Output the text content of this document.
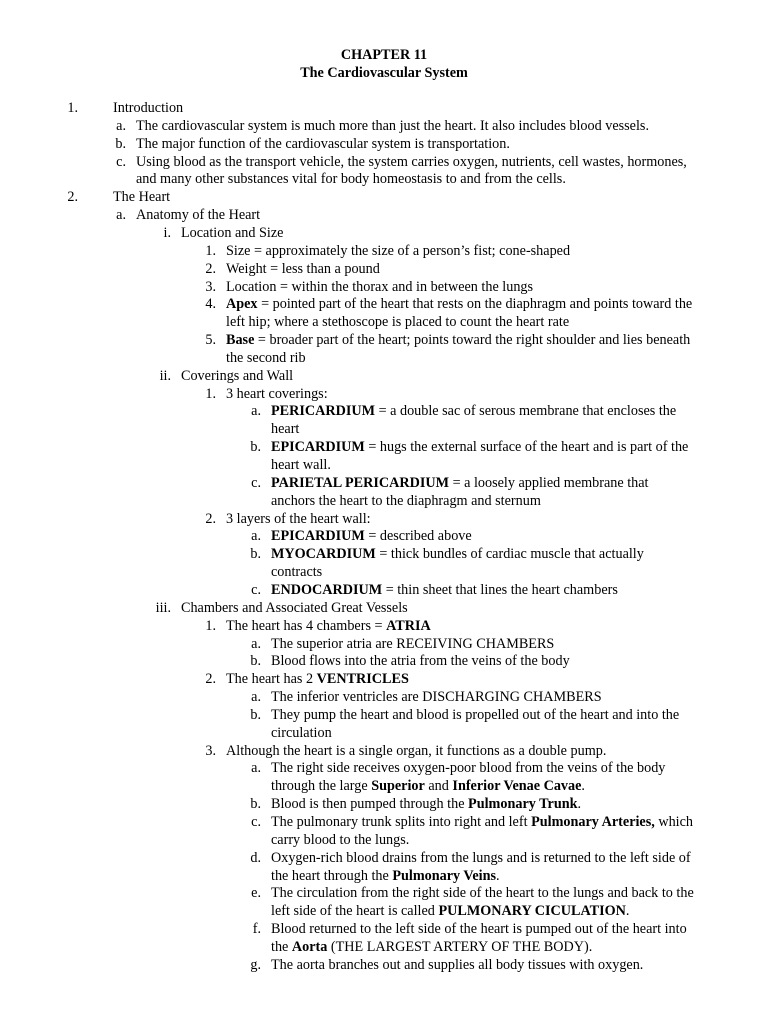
CHAPTER 11
The Cardiovascular System
1. Introduction
a. The cardiovascular system is much more than just the heart. It also includes blood vessels.
b. The major function of the cardiovascular system is transportation.
c. Using blood as the transport vehicle, the system carries oxygen, nutrients, cell wastes, hormones,
and many other substances vital for body homeostasis to and from the cells.
2. The Heart
a. Anatomy of the Heart
i. Location and Size
1. Size = approximately the size of a person’s fist; cone-shaped
2. Weight = less than a pound
3. Location = within the thorax and in between the lungs
4. Apex = pointed part of the heart that rests on the diaphragm and points toward the
left hip; where a stethoscope is placed to count the heart rate
5. Base = broader part of the heart; points toward the right shoulder and lies beneath
the second rib
ii. Coverings and Wall
1. 3 heart coverings:
a. PERICARDIUM = a double sac of serous membrane that encloses the
heart
b. EPICARDIUM = hugs the external surface of the heart and is part of the
heart wall.
c. PARIETAL PERICARDIUM = a loosely applied membrane that
anchors the heart to the diaphragm and sternum
2. 3 layers of the heart wall:
a. EPICARDIUM = described above
b. MYOCARDIUM = thick bundles of cardiac muscle that actually
contracts
c. ENDOCARDIUM = thin sheet that lines the heart chambers
iii. Chambers and Associated Great Vessels
1. The heart has 4 chambers = ATRIA
a. The superior atria are RECEIVING CHAMBERS
b. Blood flows into the atria from the veins of the body
2. The heart has 2 VENTRICLES
a. The inferior ventricles are DISCHARGING CHAMBERS
b. They pump the heart and blood is propelled out of the heart and into the
circulation
3. Although the heart is a single organ, it functions as a double pump.
a. The right side receives oxygen-poor blood from the veins of the body
through the large Superior and Inferior Venae Cavae.
b. Blood is then pumped through the Pulmonary Trunk.
c. The pulmonary trunk splits into right and left Pulmonary Arteries, which
carry blood to the lungs.
d. Oxygen-rich blood drains from the lungs and is returned to the left side of
the heart through the Pulmonary Veins.
e. The circulation from the right side of the heart to the lungs and back to the
left side of the heart is called PULMONARY CICULATION.
f. Blood returned to the left side of the heart is pumped out of the heart into
the Aorta (THE LARGEST ARTERY OF THE BODY).
g. The aorta branches out and supplies all body tissues with oxygen.
